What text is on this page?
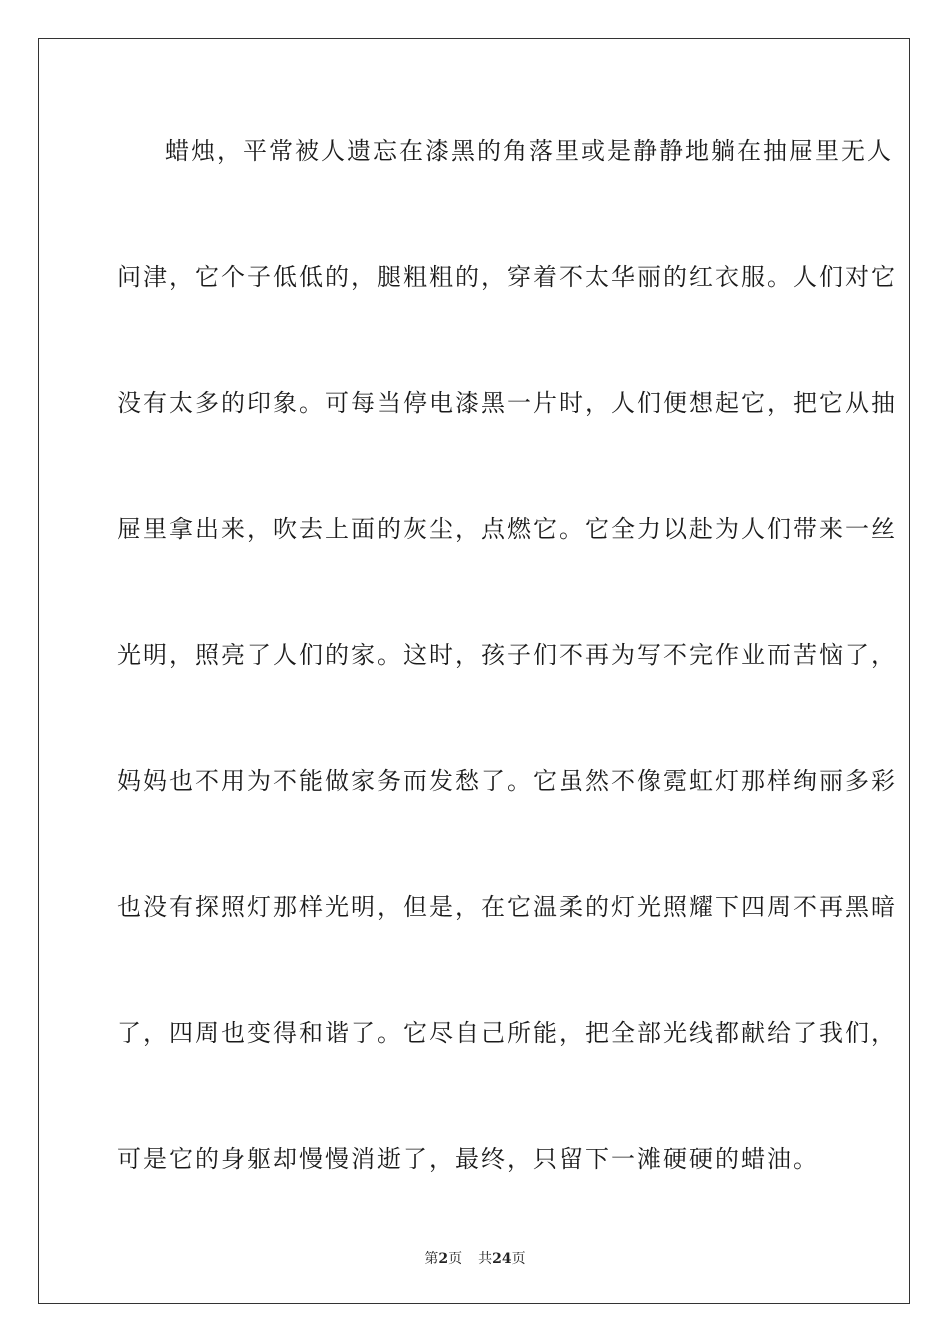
蜡烛，平常被人遗忘在漆黑的角落里或是静静地躺在抽屉里无人
问津，它个子低低的，腿粗粗的，穿着不太华丽的红衣服。人们对它
没有太多的印象。可每当停电漆黑一片时，人们便想起它，把它从抽
屉里拿出来，吹去上面的灰尘，点燃它。它全力以赴为人们带来一丝
光明，照亮了人们的家。这时，孩子们不再为写不完作业而苦恼了，
妈妈也不用为不能做家务而发愁了。它虽然不像霓虹灯那样绚丽多彩
也没有探照灯那样光明，但是，在它温柔的灯光照耀下四周不再黑暗
了，四周也变得和谐了。它尽自己所能，把全部光线都献给了我们，
可是它的身躯却慢慢消逝了，最终，只留下一滩硬硬的蜡油。
第2页 共24页
